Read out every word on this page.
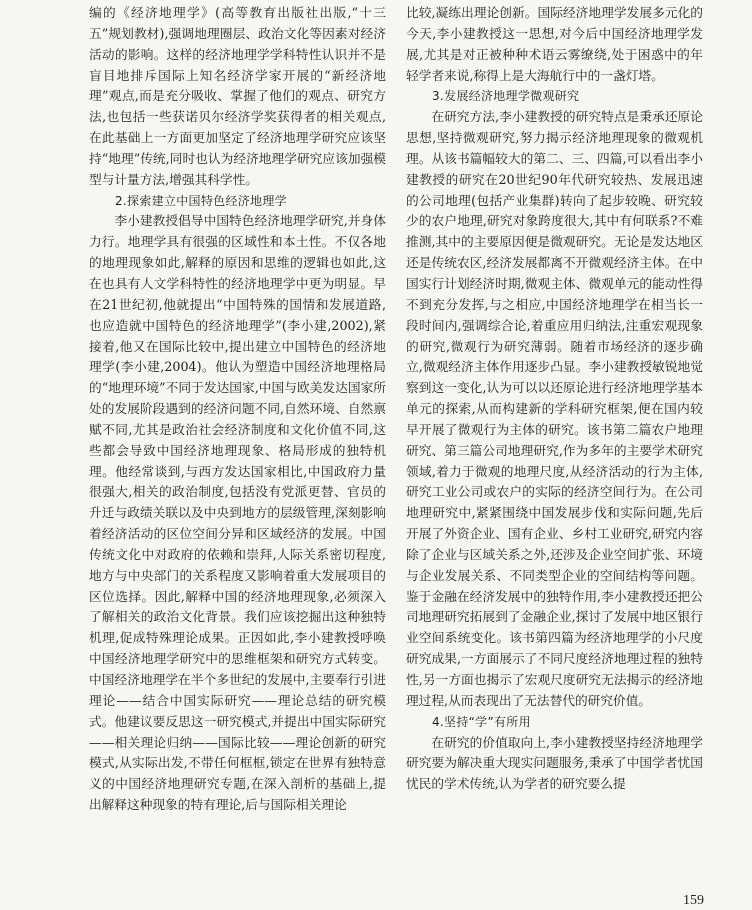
编的《经济地理学》(高等教育出版社出版,“十三五”规划教材),强调地理圈层、政治文化等因素对经济活动的影响。这样的经济地理学学科特性认识并不是盲目地排斥国际上知名经济学家开展的“新经济地理”观点,而是充分吸收、掌握了他们的观点、研究方法,也包括一些获诺贝尔经济学奖获得者的相关观点,在此基础上一方面更加坚定了经济地理学研究应该坚持“地理”传统,同时也认为经济地理学研究应该加强模型与计量方法,增强其科学性。

2.探索建立中国特色经济地理学

李小建教授倡导中国特色经济地理学研究,并身体力行。地理学具有很强的区域性和本土性。不仅各地的地理现象如此,解释的原因和思维的逻辑也如此,这在也具有人文学科特性的经济地理学中更为明显。早在21世纪初,他就提出“中国特殊的国情和发展道路,也应造就中国特色的经济地理学”(李小建,2002),紧接着,他又在国际比较中,提出建立中国特色的经济地理学(李小建,2004)。他认为塑造中国经济地理格局的“地理环境”不同于发达国家,中国与欧美发达国家所处的发展阶段遇到的经济问题不同,自然环境、自然禀赋不同,尤其是政治社会经济制度和文化价值不同,这些都会导致中国经济地理现象、格局形成的独特机理。他经常谈到,与西方发达国家相比,中国政府力量很强大,相关的政治制度,包括没有党派更替、官员的升迁与政绩关联以及中央到地方的层级管理,深刻影响着经济活动的区位空间分异和区域经济的发展。中国传统文化中对政府的依赖和崇拜,人际关系密切程度,地方与中央部门的关系程度又影响着重大发展项目的区位选择。因此,解释中国的经济地理现象,必须深入了解相关的政治文化背景。我们应该挖掘出这种独特机理,促成特殊理论成果。正因如此,李小建教授呼唤中国经济地理学研究中的思维框架和研究方式转变。中国经济地理学在半个多世纪的发展中,主要奉行引进理论——结合中国实际研究——理论总结的研究模式。他建议要反思这一研究模式,并提出中国实际研究——相关理论归纳——国际比较——理论创新的研究模式,从实际出发,不带任何框框,锁定在世界有独特意义的中国经济地理研究专题,在深入剖析的基础上,提出解释这种现象的特有理论,后与国际相关理论

比较,凝练出理论创新。国际经济地理学发展多元化的今天,李小建教授这一思想,对今后中国经济地理学发展,尤其是对正被种种术语云雾缭绕,处于困惑中的年轻学者来说,称得上是大海航行中的一盏灯塔。

3.发展经济地理学微观研究

在研究方法,李小建教授的研究特点是秉承还原论思想,坚持微观研究,努力揭示经济地理现象的微观机理。从该书篇幅较大的第二、三、四篇,可以看出李小建教授的研究在20世纪90年代研究较热、发展迅速的公司地理(包括产业集群)转向了起步较晚、研究较少的农户地理,研究对象跨度很大,其中有何联系?不难推测,其中的主要原因便是微观研究。无论是发达地区还是传统农区,经济发展都离不开微观经济主体。在中国实行计划经济时期,微观主体、微观单元的能动性得不到充分发挥,与之相应,中国经济地理学在相当长一段时间内,强调综合论,着重应用归纳法,注重宏观现象的研究,微观行为研究薄弱。随着市场经济的逐步确立,微观经济主体作用逐步凸显。李小建教授敏锐地觉察到这一变化,认为可以以还原论进行经济地理学基本单元的探索,从而构建新的学科研究框架,便在国内较早开展了微观行为主体的研究。该书第二篇农户地理研究、第三篇公司地理研究,作为多年的主要学术研究领域,着力于微观的地理尺度,从经济活动的行为主体,研究工业公司或农户的实际的经济空间行为。在公司地理研究中,紧紧围绕中国发展步伐和实际问题,先后开展了外资企业、国有企业、乡村工业研究,研究内容除了企业与区域关系之外,还涉及企业空间扩张、环境与企业发展关系、不同类型企业的空间结构等问题。鉴于金融在经济发展中的独特作用,李小建教授还把公司地理研究拓展到了金融企业,探讨了发展中地区银行业空间系统变化。该书第四篇为经济地理学的小尺度研究成果,一方面展示了不同尺度经济地理过程的独特性,另一方面也揭示了宏观尺度研究无法揭示的经济地理过程,从而表现出了无法替代的研究价值。

4.坚持“学”有所用

在研究的价值取向上,李小建教授坚持经济地理学研究要为解决重大现实问题服务,秉承了中国学者忧国忧民的学术传统,认为学者的研究要么提

159
